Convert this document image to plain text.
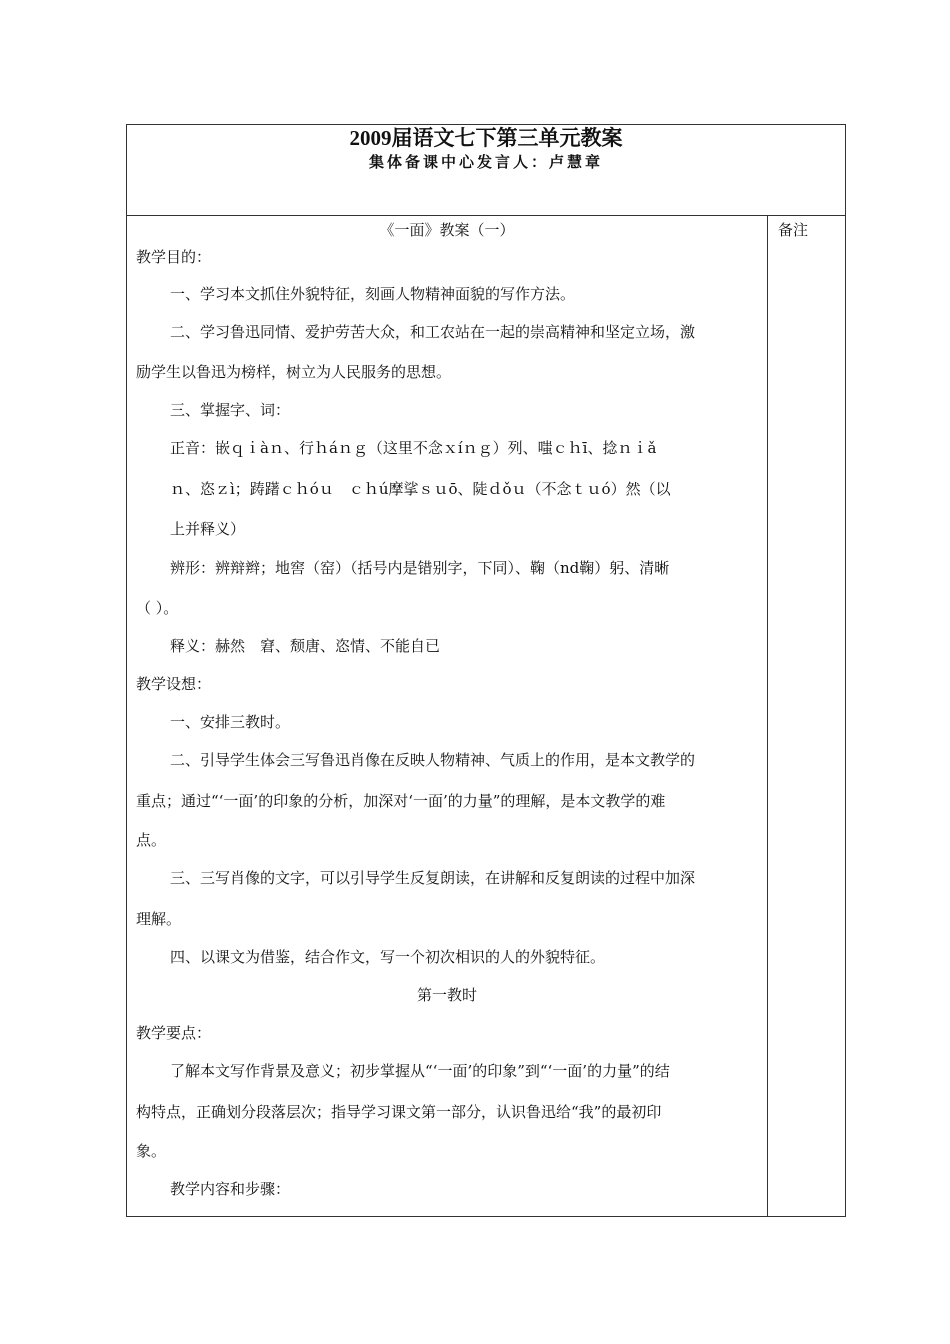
2009届语文七下第三单元教案
集体备课中心发言人：卢慧章
《一面》教案（一）
教学目的：
一、学习本文抓住外貌特征，刻画人物精神面貌的写作方法。
二、学习鲁迅同情、爱护劳苦大众，和工农站在一起的崇高精神和坚定立场，激
励学生以鲁迅为榜样，树立为人民服务的思想。
三、掌握字、词：
正音：嵌ｑｉàｎ、行ｈáｎｇ（这里不念ｘíｎｇ）列、嗤ｃｈī、捻ｎｉǎ
ｎ、恣ｚì；踌躇ｃｈóｕ　ｃｈú摩挲ｓｕō、陡ｄǒｕ（不念ｔｕó）然（以
上并释义）
辨形：辨辩辫；地窖（窑）（括号内是错别字，下同）、鞠（nd鞠）躬、清晰
（ ）。
释义：赫然　窘、颓唐、恣情、不能自已
教学设想：
一、安排三教时。
二、引导学生体会三写鲁迅肖像在反映人物精神、气质上的作用，是本文教学的
重点；通过“‘一面’的印象的分析，加深对‘一面’的力量”的理解，是本文教学的难
点。
三、三写肖像的文字，可以引导学生反复朗读，在讲解和反复朗读的过程中加深
理解。
四、以课文为借鉴，结合作文，写一个初次相识的人的外貌特征。
第一教时
教学要点：
了解本文写作背景及意义；初步掌握从“‘一面’的印象”到“‘一面’的力量”的结
构特点，正确划分段落层次；指导学习课文第一部分，认识鲁迅给“我”的最初印
象。
教学内容和步骤：
备注
